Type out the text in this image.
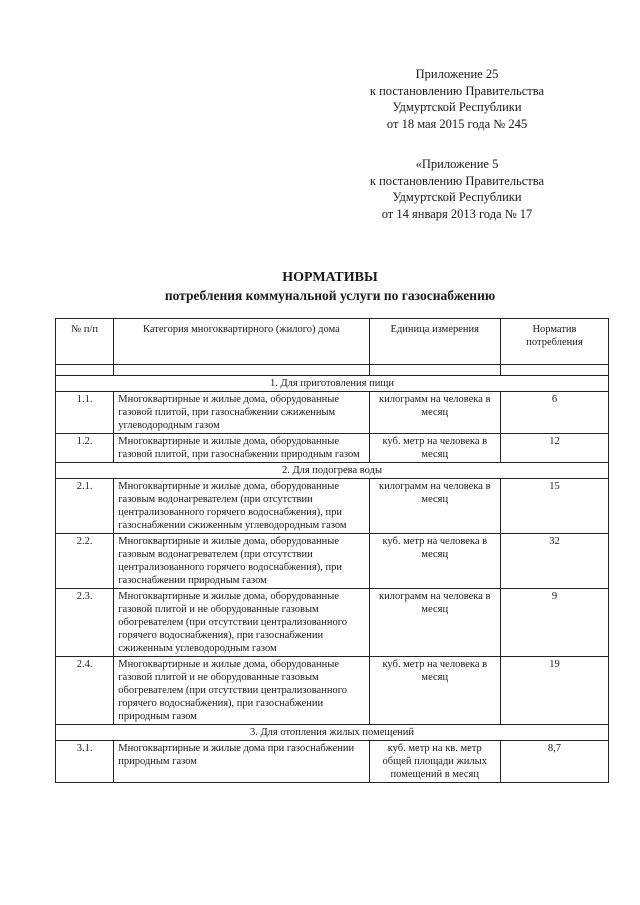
Приложение 25
к постановлению Правительства
Удмуртской Республики
от 18 мая 2015 года № 245
«Приложение 5
к постановлению Правительства
Удмуртской Республики
от 14 января 2013 года № 17
НОРМАТИВЫ
потребления коммунальной услуги по газоснабжению
№ п/п	Категория многоквартирного (жилого) дома	Единица измерения	Норматив потребления

1. Для приготовления пищи			
1.1.	Многоквартирные и жилые дома, оборудованные газовой плитой, при газоснабжении сжиженным углеводородным газом	килограмм на человека в месяц	6
1.2.	Многоквартирные и жилые дома, оборудованные газовой плитой, при газоснабжении природным газом	куб. метр на человека в месяц	12
2. Для подогрева воды			
2.1.	Многоквартирные и жилые дома, оборудованные газовым водонагревателем (при отсутствии централизованного горячего водоснабжения), при газоснабжении сжиженным углеводородным газом	килограмм на человека в месяц	15
2.2.	Многоквартирные и жилые дома, оборудованные газовым водонагревателем (при отсутствии централизованного горячего водоснабжения), при газоснабжении природным газом	куб. метр на человека в месяц	32
2.3.	Многоквартирные и жилые дома, оборудованные газовой плитой и не оборудованные газовым обогревателем (при отсутствии централизованного горячего водоснабжения), при газоснабжении сжиженным углеводородным газом	килограмм на человека в месяц	9
2.4.	Многоквартирные и жилые дома, оборудованные газовой плитой и не оборудованные газовым обогревателем (при отсутствии централизованного горячего водоснабжения), при газоснабжении природным газом	куб. метр на человека в месяц	19
3. Для отопления жилых помещений			
3.1.	Многоквартирные и жилые дома при газоснабжении природным газом	куб. метр на кв. метр общей площади жилых помещений в месяц	8,7
